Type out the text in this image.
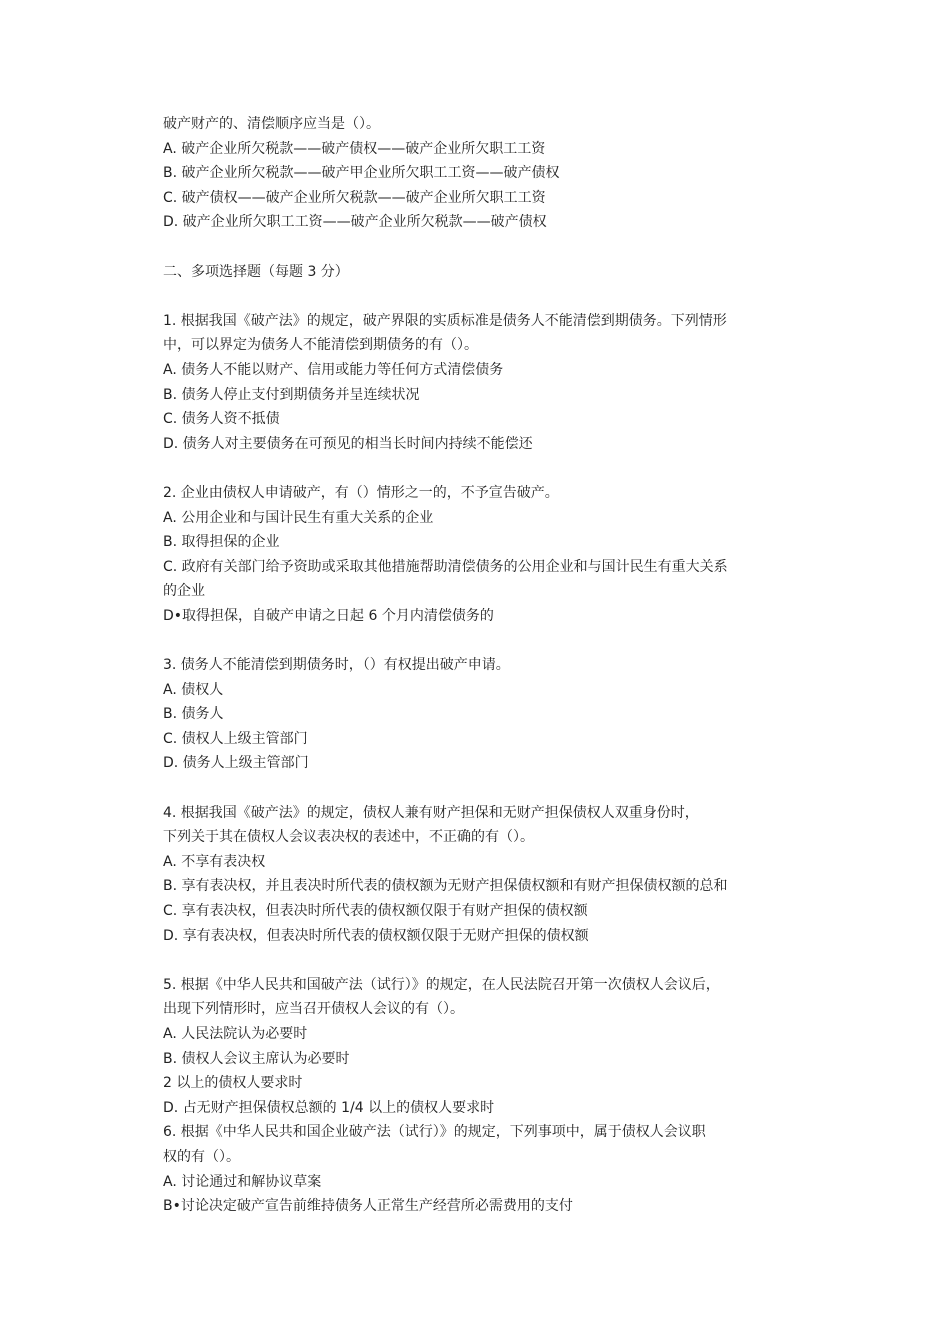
破产财产的、清偿顺序应当是（）。
A. 破产企业所欠税款——破产债权——破产企业所欠职工工资
B. 破产企业所欠税款——破产甲企业所欠职工工资——破产债权
C. 破产债权——破产企业所欠税款——破产企业所欠职工工资
D. 破产企业所欠职工工资——破产企业所欠税款——破产债权
二、多项选择题（每题 3 分）
1. 根据我国《破产法》的规定，破产界限的实质标准是债务人不能清偿到期债务。下列情形
中，可以界定为债务人不能清偿到期债务的有（）。
A. 债务人不能以财产、信用或能力等任何方式清偿债务
B. 债务人停止支付到期债务并呈连续状况
C. 债务人资不抵债
D. 债务人对主要债务在可预见的相当长时间内持续不能偿还
2. 企业由债权人申请破产，有（）情形之一的，不予宣告破产。
A. 公用企业和与国计民生有重大关系的企业
B. 取得担保的企业
C. 政府有关部门给予资助或采取其他措施帮助清偿债务的公用企业和与国计民生有重大关系
的企业
D•取得担保，自破产申请之日起 6 个月内清偿债务的
3. 债务人不能清偿到期债务时，（）有权提出破产申请。
A. 债权人
B. 债务人
C. 债权人上级主管部门
D. 债务人上级主管部门
4. 根据我国《破产法》的规定，债权人兼有财产担保和无财产担保债权人双重身份时，
下列关于其在债权人会议表决权的表述中，不正确的有（）。
A. 不享有表决权
B. 享有表决权，并且表决时所代表的债权额为无财产担保债权额和有财产担保债权额的总和
C. 享有表决权，但表决时所代表的债权额仅限于有财产担保的债权额
D. 享有表决权，但表决时所代表的债权额仅限于无财产担保的债权额
5. 根据《中华人民共和国破产法（试行）》的规定，在人民法院召开第一次债权人会议后，
出现下列情形时，应当召开债权人会议的有（）。
A. 人民法院认为必要时
B. 债权人会议主席认为必要时
2 以上的债权人要求时
D. 占无财产担保债权总额的 1/4 以上的债权人要求时
6. 根据《中华人民共和国企业破产法（试行）》的规定，下列事项中，属于债权人会议职
权的有（）。
A. 讨论通过和解协议草案
B•讨论决定破产宣告前维持债务人正常生产经营所必需费用的支付
